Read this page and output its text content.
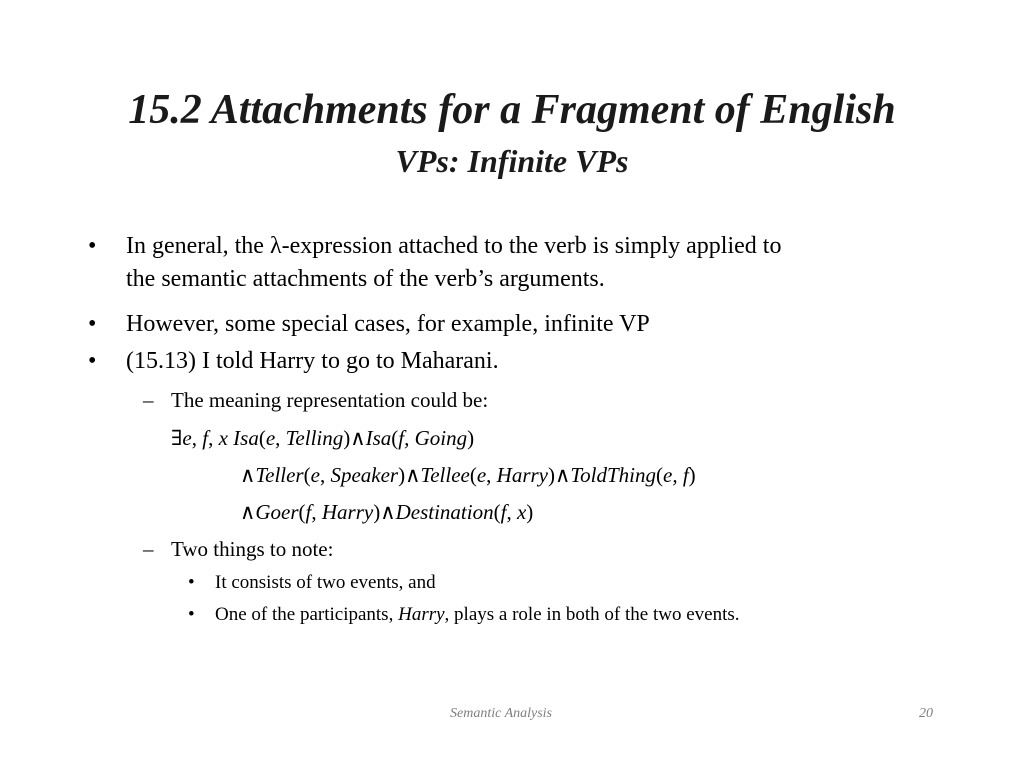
15.2 Attachments for a Fragment of English
VPs: Infinite VPs
• In general, the λ-expression attached to the verb is simply applied to
the semantic attachments of the verb’s arguments.
• However, some special cases, for example, infinite VP
• (15.13) I told Harry to go to Maharani.
– The meaning representation could be:
∃e, f, x Isa(e, Telling)∧Isa(f, Going)
∧Teller(e, Speaker)∧Tellee(e, Harry)∧ToldThing(e, f)
∧Goer(f, Harry)∧Destination(f, x)
– Two things to note:
• It consists of two events, and
• One of the participants, Harry, plays a role in both of the two events.
Semantic Analysis	20
